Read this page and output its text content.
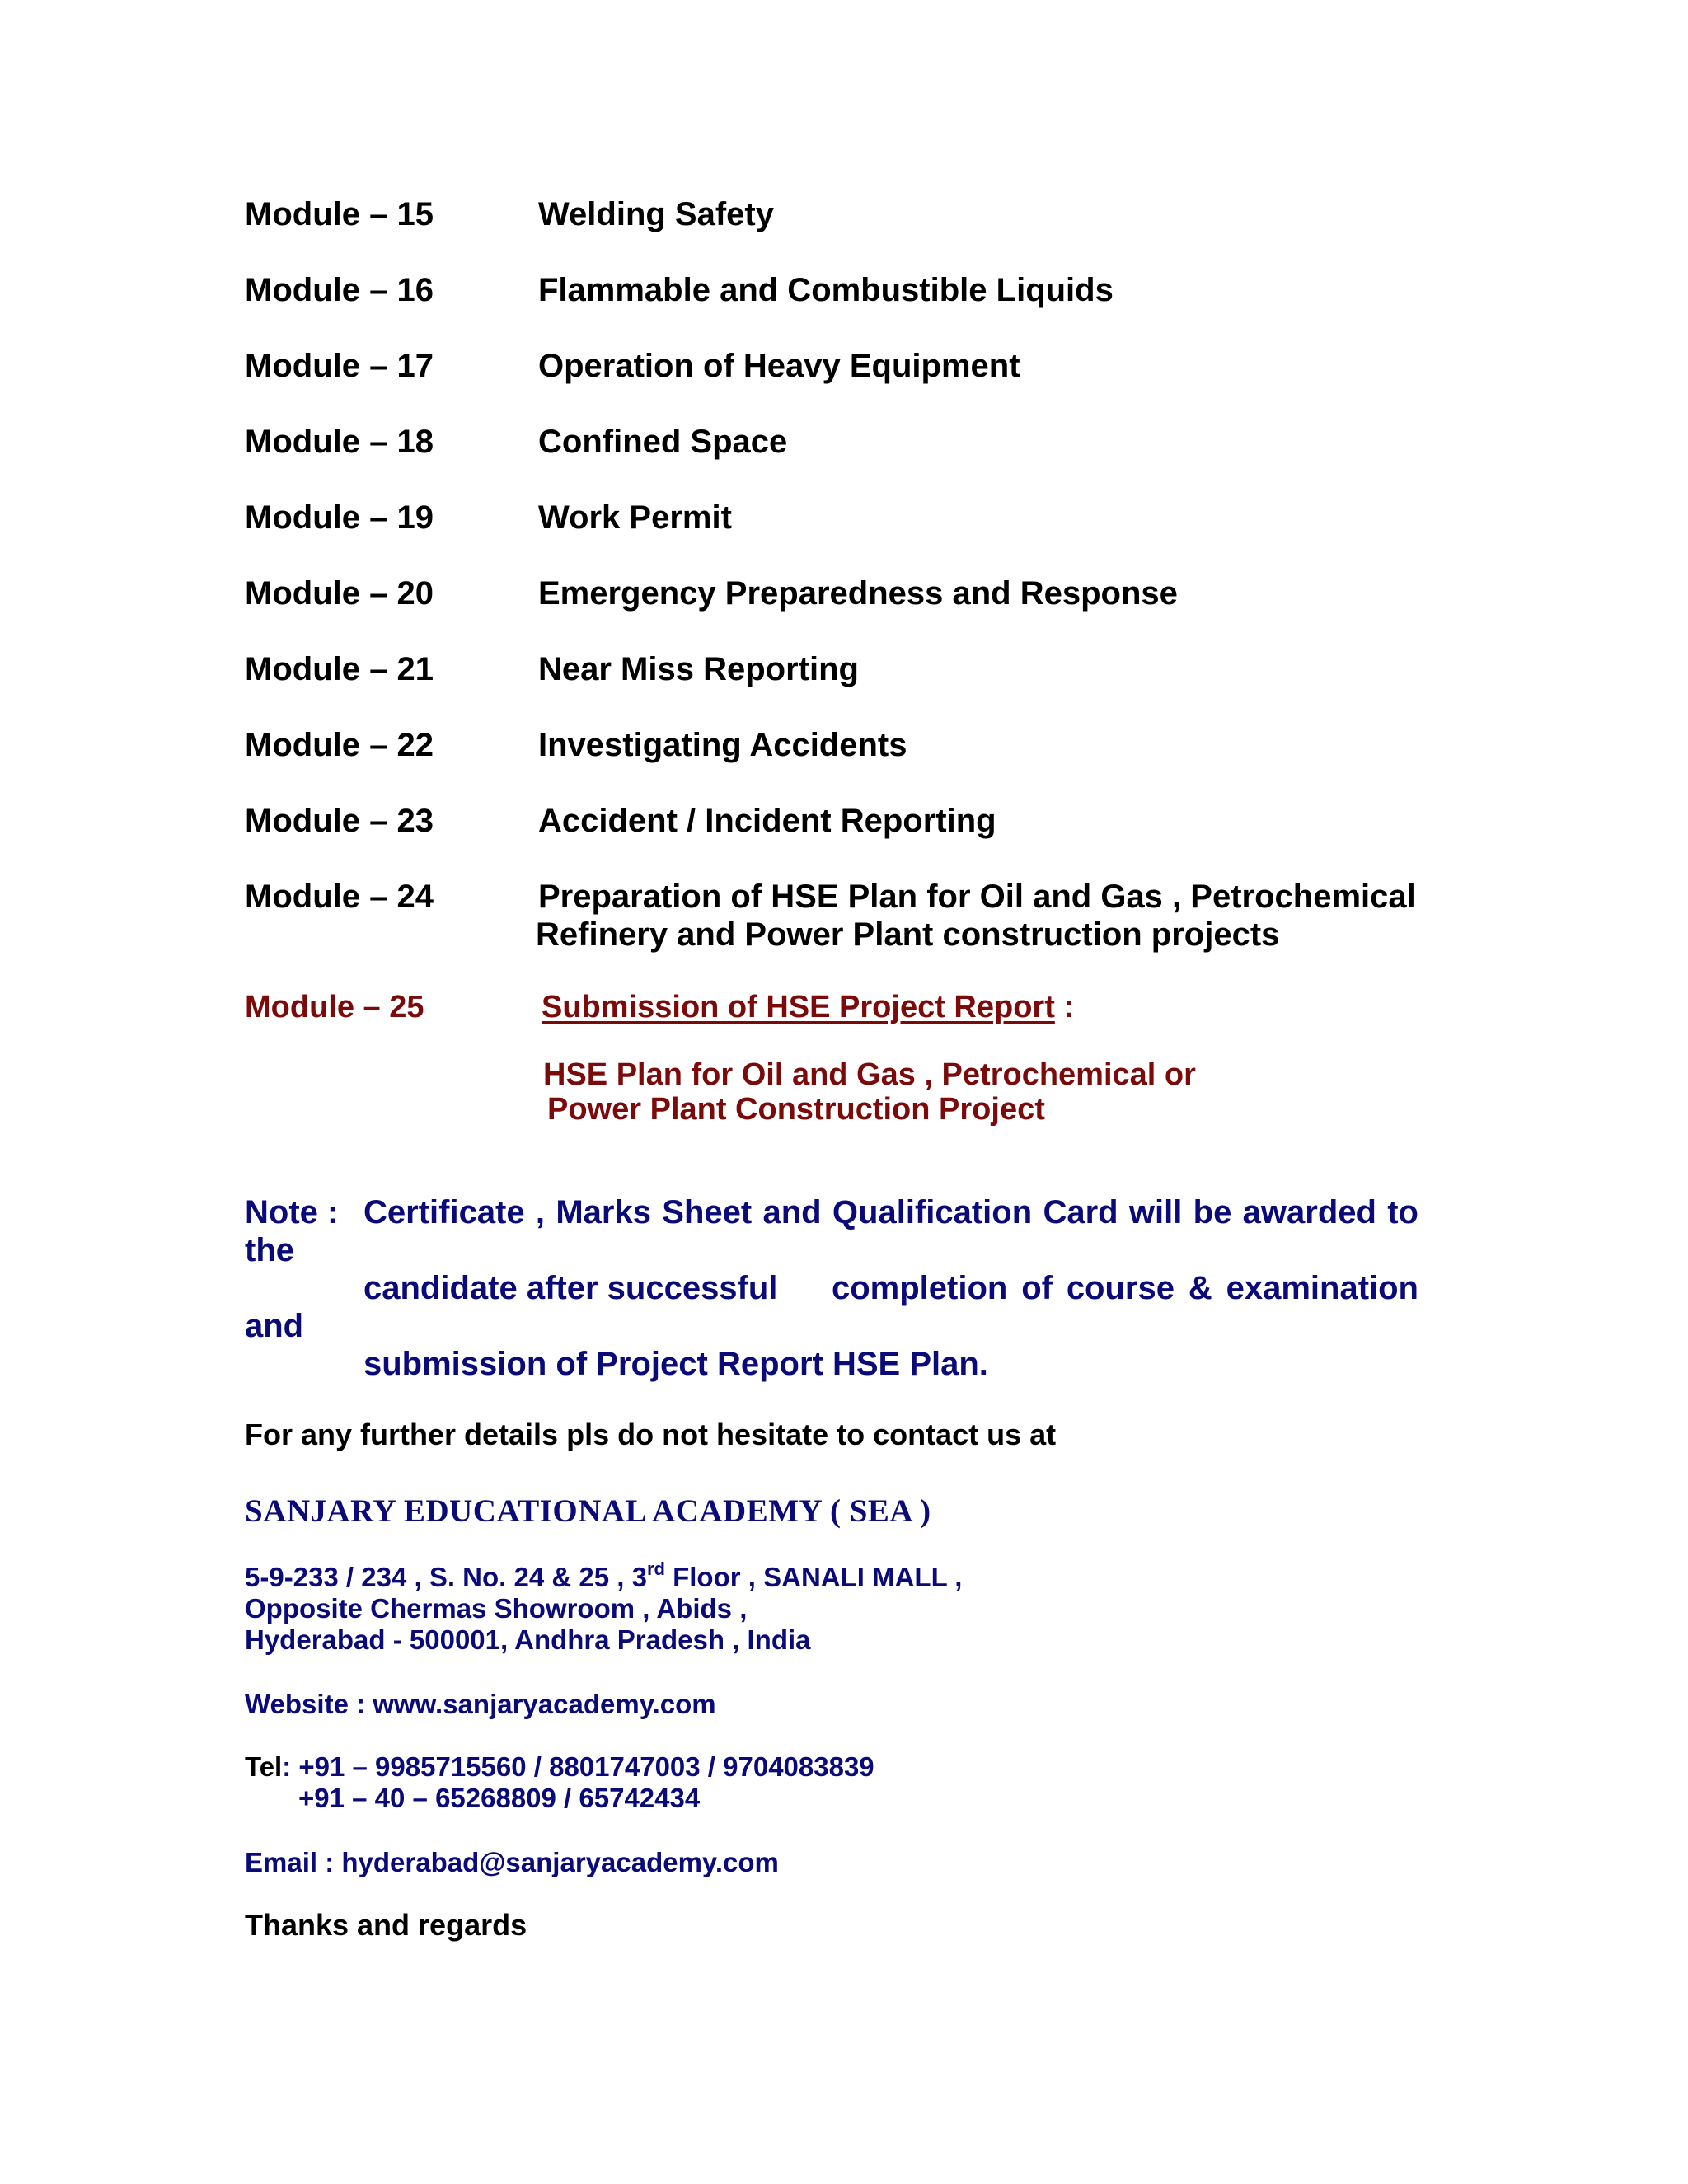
Module – 15	Welding Safety
Module – 16	Flammable and Combustible Liquids
Module – 17	Operation of Heavy Equipment
Module – 18	Confined Space
Module – 19	Work Permit
Module – 20	Emergency Preparedness and Response
Module – 21	Near Miss Reporting
Module – 22	Investigating Accidents
Module – 23	Accident / Incident Reporting
Module – 24	Preparation of HSE Plan for Oil and Gas , Petrochemical
Refinery and Power Plant construction projects
Module – 25	Submission of HSE Project Report :
HSE Plan for Oil and Gas , Petrochemical or
Power Plant Construction Project
Note : Certificate , Marks Sheet and Qualification Card will be awarded to
the
candidate after successful completion of course & examination
and
submission of Project Report HSE Plan.
For any further details pls do not hesitate to contact us at
SANJARY EDUCATIONAL ACADEMY ( SEA )
5-9-233 / 234 , S. No. 24 & 25 , 3rd Floor , SANALI MALL ,
Opposite Chermas Showroom , Abids ,
Hyderabad - 500001, Andhra Pradesh , India
Website : www.sanjaryacademy.com
Tel: +91 – 9985715560 / 8801747003 / 9704083839
+91 – 40 – 65268809 / 65742434
Email : hyderabad@sanjaryacademy.com
Thanks and regards
